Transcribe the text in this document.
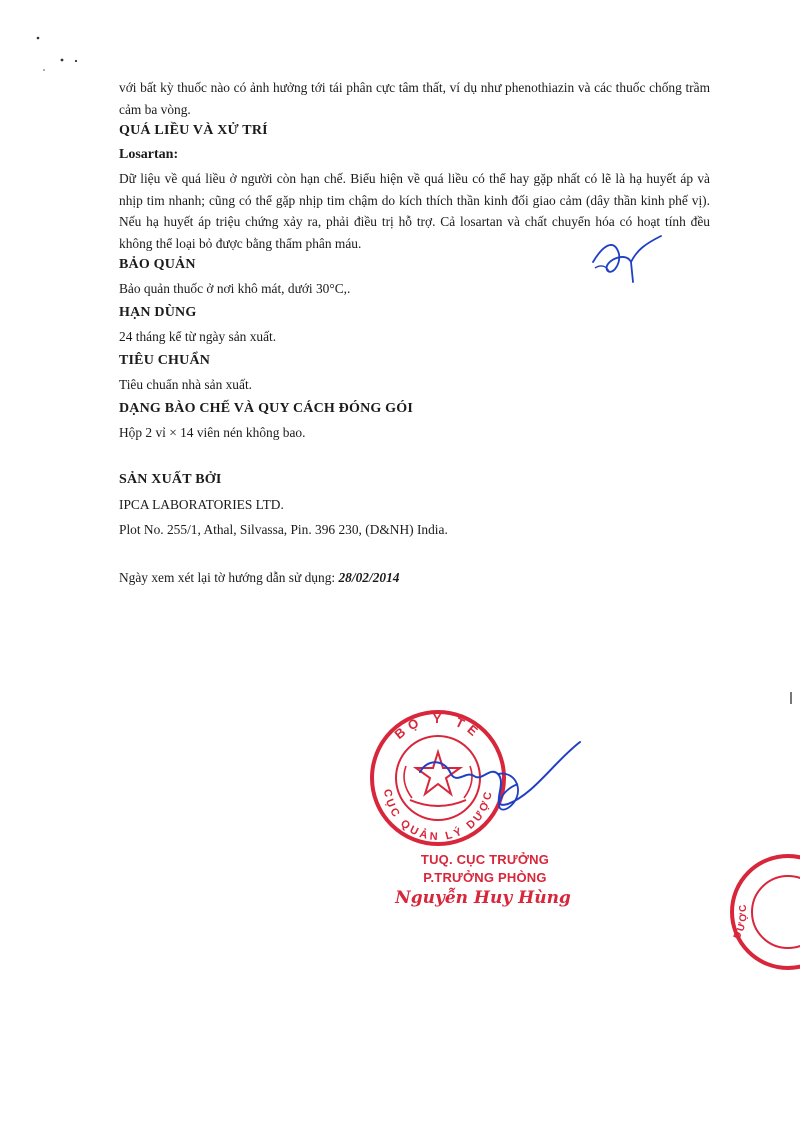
với bất kỳ thuốc nào có ảnh hưởng tới tái phân cực tâm thất, ví dụ như phenothiazin và các thuốc chống trầm cảm ba vòng.

QUÁ LIỀU VÀ XỬ TRÍ

Losartan:

Dữ liệu về quá liều ở người còn hạn chế. Biểu hiện về quá liều có thể hay gặp nhất có lẽ là hạ huyết áp và nhịp tim nhanh; cũng có thể gặp nhịp tim chậm do kích thích thần kinh đối giao cảm (dây thần kinh phế vị). Nếu hạ huyết áp triệu chứng xảy ra, phải điều trị hỗ trợ. Cả losartan và chất chuyển hóa có hoạt tính đều không thể loại bỏ được bằng thẩm phân máu.

BẢO QUẢN

Bảo quản thuốc ở nơi khô mát, dưới 30°C,.

HẠN DÙNG

24 tháng kể từ ngày sản xuất.

TIÊU CHUẨN

Tiêu chuẩn nhà sản xuất.

DẠNG BÀO CHẾ VÀ QUY CÁCH ĐÓNG GÓI

Hộp 2 vỉ × 14 viên nén không bao.

SẢN XUẤT BỞI

IPCA LABORATORIES LTD.

Plot No. 255/1, Athal, Silvassa, Pin. 396 230, (D&NH) India.

Ngày xem xét lại tờ hướng dẫn sử dụng: 28/02/2014

BỘ Y TẾ
CỤC QUẢN LÝ DƯỢC

TUQ. CỤC TRƯỞNG

P.TRƯỞNG PHÒNG

Nguyễn Huy Hùng

DƯỢC
